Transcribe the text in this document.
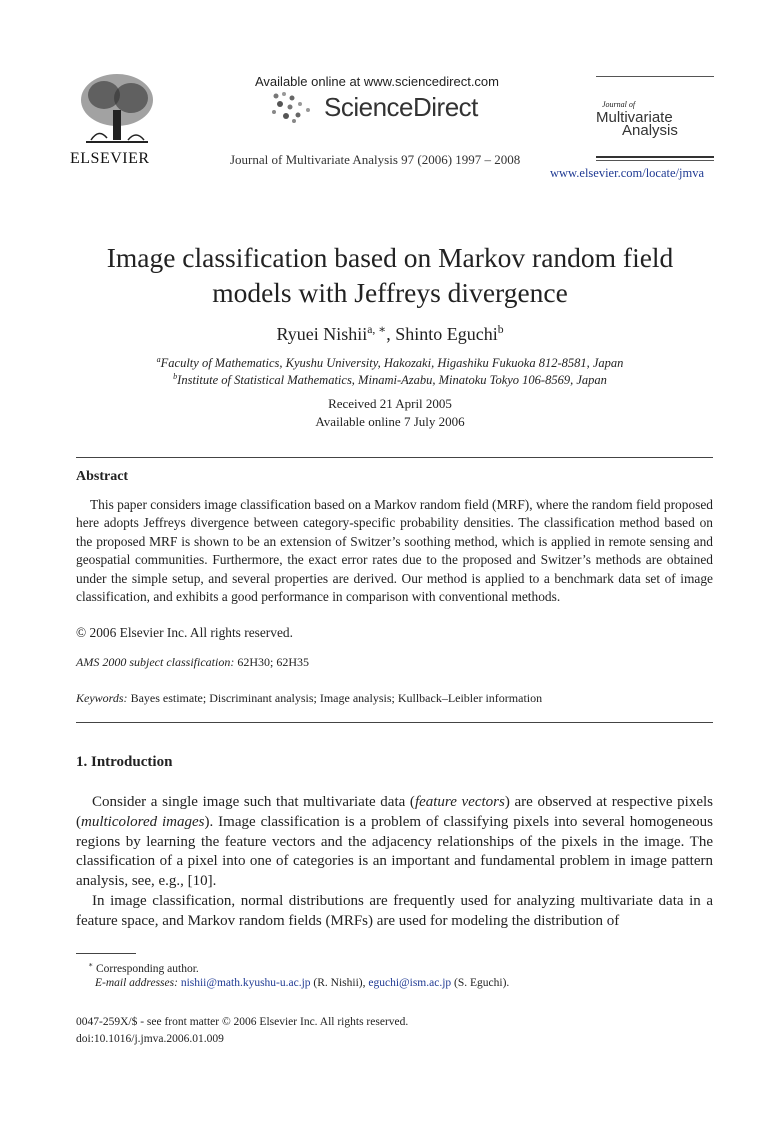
ELSEVIER
Available online at www.sciencedirect.com
ScienceDirect
Journal of Multivariate Analysis 97 (2006) 1997 – 2008
Journal of
Multivariate
Analysis
www.elsevier.com/locate/jmva
Image classification based on Markov random field
models with Jeffreys divergence
Ryuei Nishii$^{a, ∗}$, Shinto Eguchi$^b$
$^a$Faculty of Mathematics, Kyushu University, Hakozaki, Higashiku Fukuoka 812-8581, Japan
$^b$Institute of Statistical Mathematics, Minami-Azabu, Minatoku Tokyo 106-8569, Japan
Received 21 April 2005
Available online 7 July 2006
Abstract
This paper considers image classification based on a Markov random field (MRF), where the random field proposed here adopts Jeffreys divergence between category-specific probability densities. The classification method based on the proposed MRF is shown to be an extension of Switzer’s soothing method, which is applied in remote sensing and geospatial communities. Furthermore, the exact error rates due to the proposed and Switzer’s methods are obtained under the simple setup, and several properties are derived. Our method is applied to a benchmark data set of image classification, and exhibits a good performance in comparison with conventional methods.
© 2006 Elsevier Inc. All rights reserved.
AMS 2000 subject classification: 62H30; 62H35
Keywords: Bayes estimate; Discriminant analysis; Image analysis; Kullback–Leibler information
1. Introduction
Consider a single image such that multivariate data (feature vectors) are observed at respective pixels (multicolored images). Image classification is a problem of classifying pixels into several homogeneous regions by learning the feature vectors and the adjacency relationships of the pixels in the image. The classification of a pixel into one of categories is an important and fundamental problem in image pattern analysis, see, e.g., [10].
In image classification, normal distributions are frequently used for analyzing multivariate data in a feature space, and Markov random fields (MRFs) are used for modeling the distribution of
∗ Corresponding author.
E-mail addresses: nishii@math.kyushu-u.ac.jp (R. Nishii), eguchi@ism.ac.jp (S. Eguchi).
0047-259X/$ - see front matter © 2006 Elsevier Inc. All rights reserved.
doi:10.1016/j.jmva.2006.01.009
